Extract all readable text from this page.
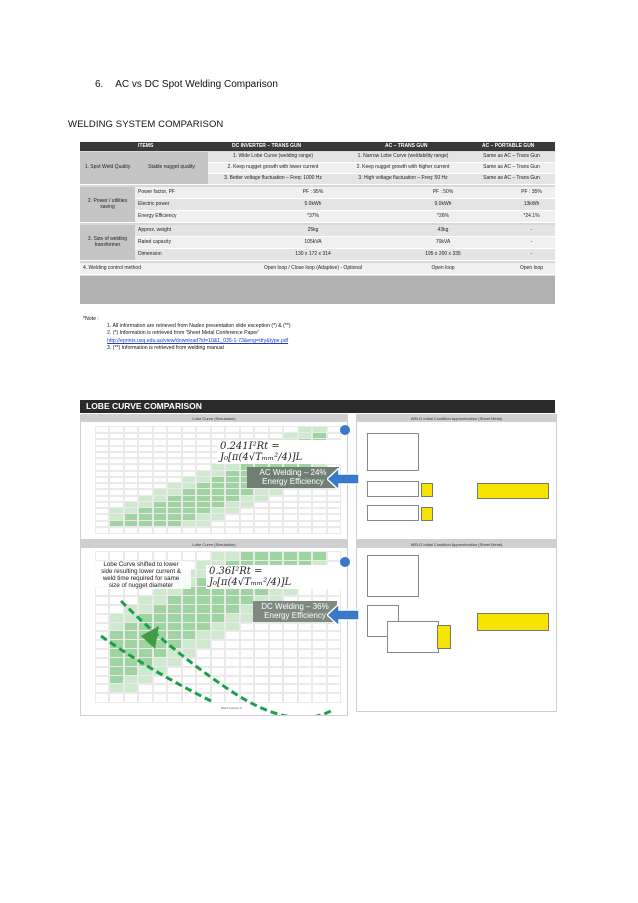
6. AC vs DC Spot Welding Comparison
WELDING SYSTEM COMPARISON
ITEMS	DC INVERTER – TRANS GUN	AC – TRANS GUN	AC – PORTABLE GUN
1. Spot Weld Quality	Stable nugget quality
1. Wide Lobe Curve (welding range)	1. Narrow Lobe Curve (weldability range)	Same as AC – Trans Gun
2. Keep nugget growth with lower current	2. Keep nugget growth with higher current	Same as AC – Trans Gun
3. Better voltage fluctuation – Freq: 1000 Hz	3. High voltage fluctuation – Freq: 50 Hz	Same as AC – Trans Gun
2. Power / utilities saving
Power factor, PF	PF : 95%	PF : 50%	PF : 35%
Electric power	5.0kWh	9.0kWh	13kWh
Energy Efficiency	*37%	*26%	*24.1%
3. Size of welding transformer
Approx. weight	25kg	43kg	-
Rated capacity	105kVA	70kVA	-
Dimension	130 x 172 x 314	195 x 200 x 335	-
4. Welding control method	Open loop / Close loop (Adaptive) - Optional	Open loop	Open loop
*Note :
1. All information are retrieved from Nadex presentation slide exception (*) & (**)
2. (*) Information is retrieved from 'Sheet Metal Conference Paper'
http://eprints.usq.edu.au/view/download?id=10&1_035-1-73&eng=dry&type.pdf
3. (**) Information is retrieved from welding manual
LOBE CURVE COMPARISON
Lobe Curve (Simulation)
0.241I²Rt = J₀[π(4√Tₘₘ²/4)]L
AC Welding – 24%
Energy Efficiency
WELD Initial Condition Approximation (Sheet Metal)
Lobe Curve (Simulation)
0.36I²Rt = J₀[π(4√Tₘₘ²/4)]L
DC Welding – 36%
Energy Efficiency
Lobe Curve shifted to lower
side resulting lower current &
weld time required for same
size of nugget diameter
Weld Current, A
WELD Initial Condition Approximation (Sheet Metal)
